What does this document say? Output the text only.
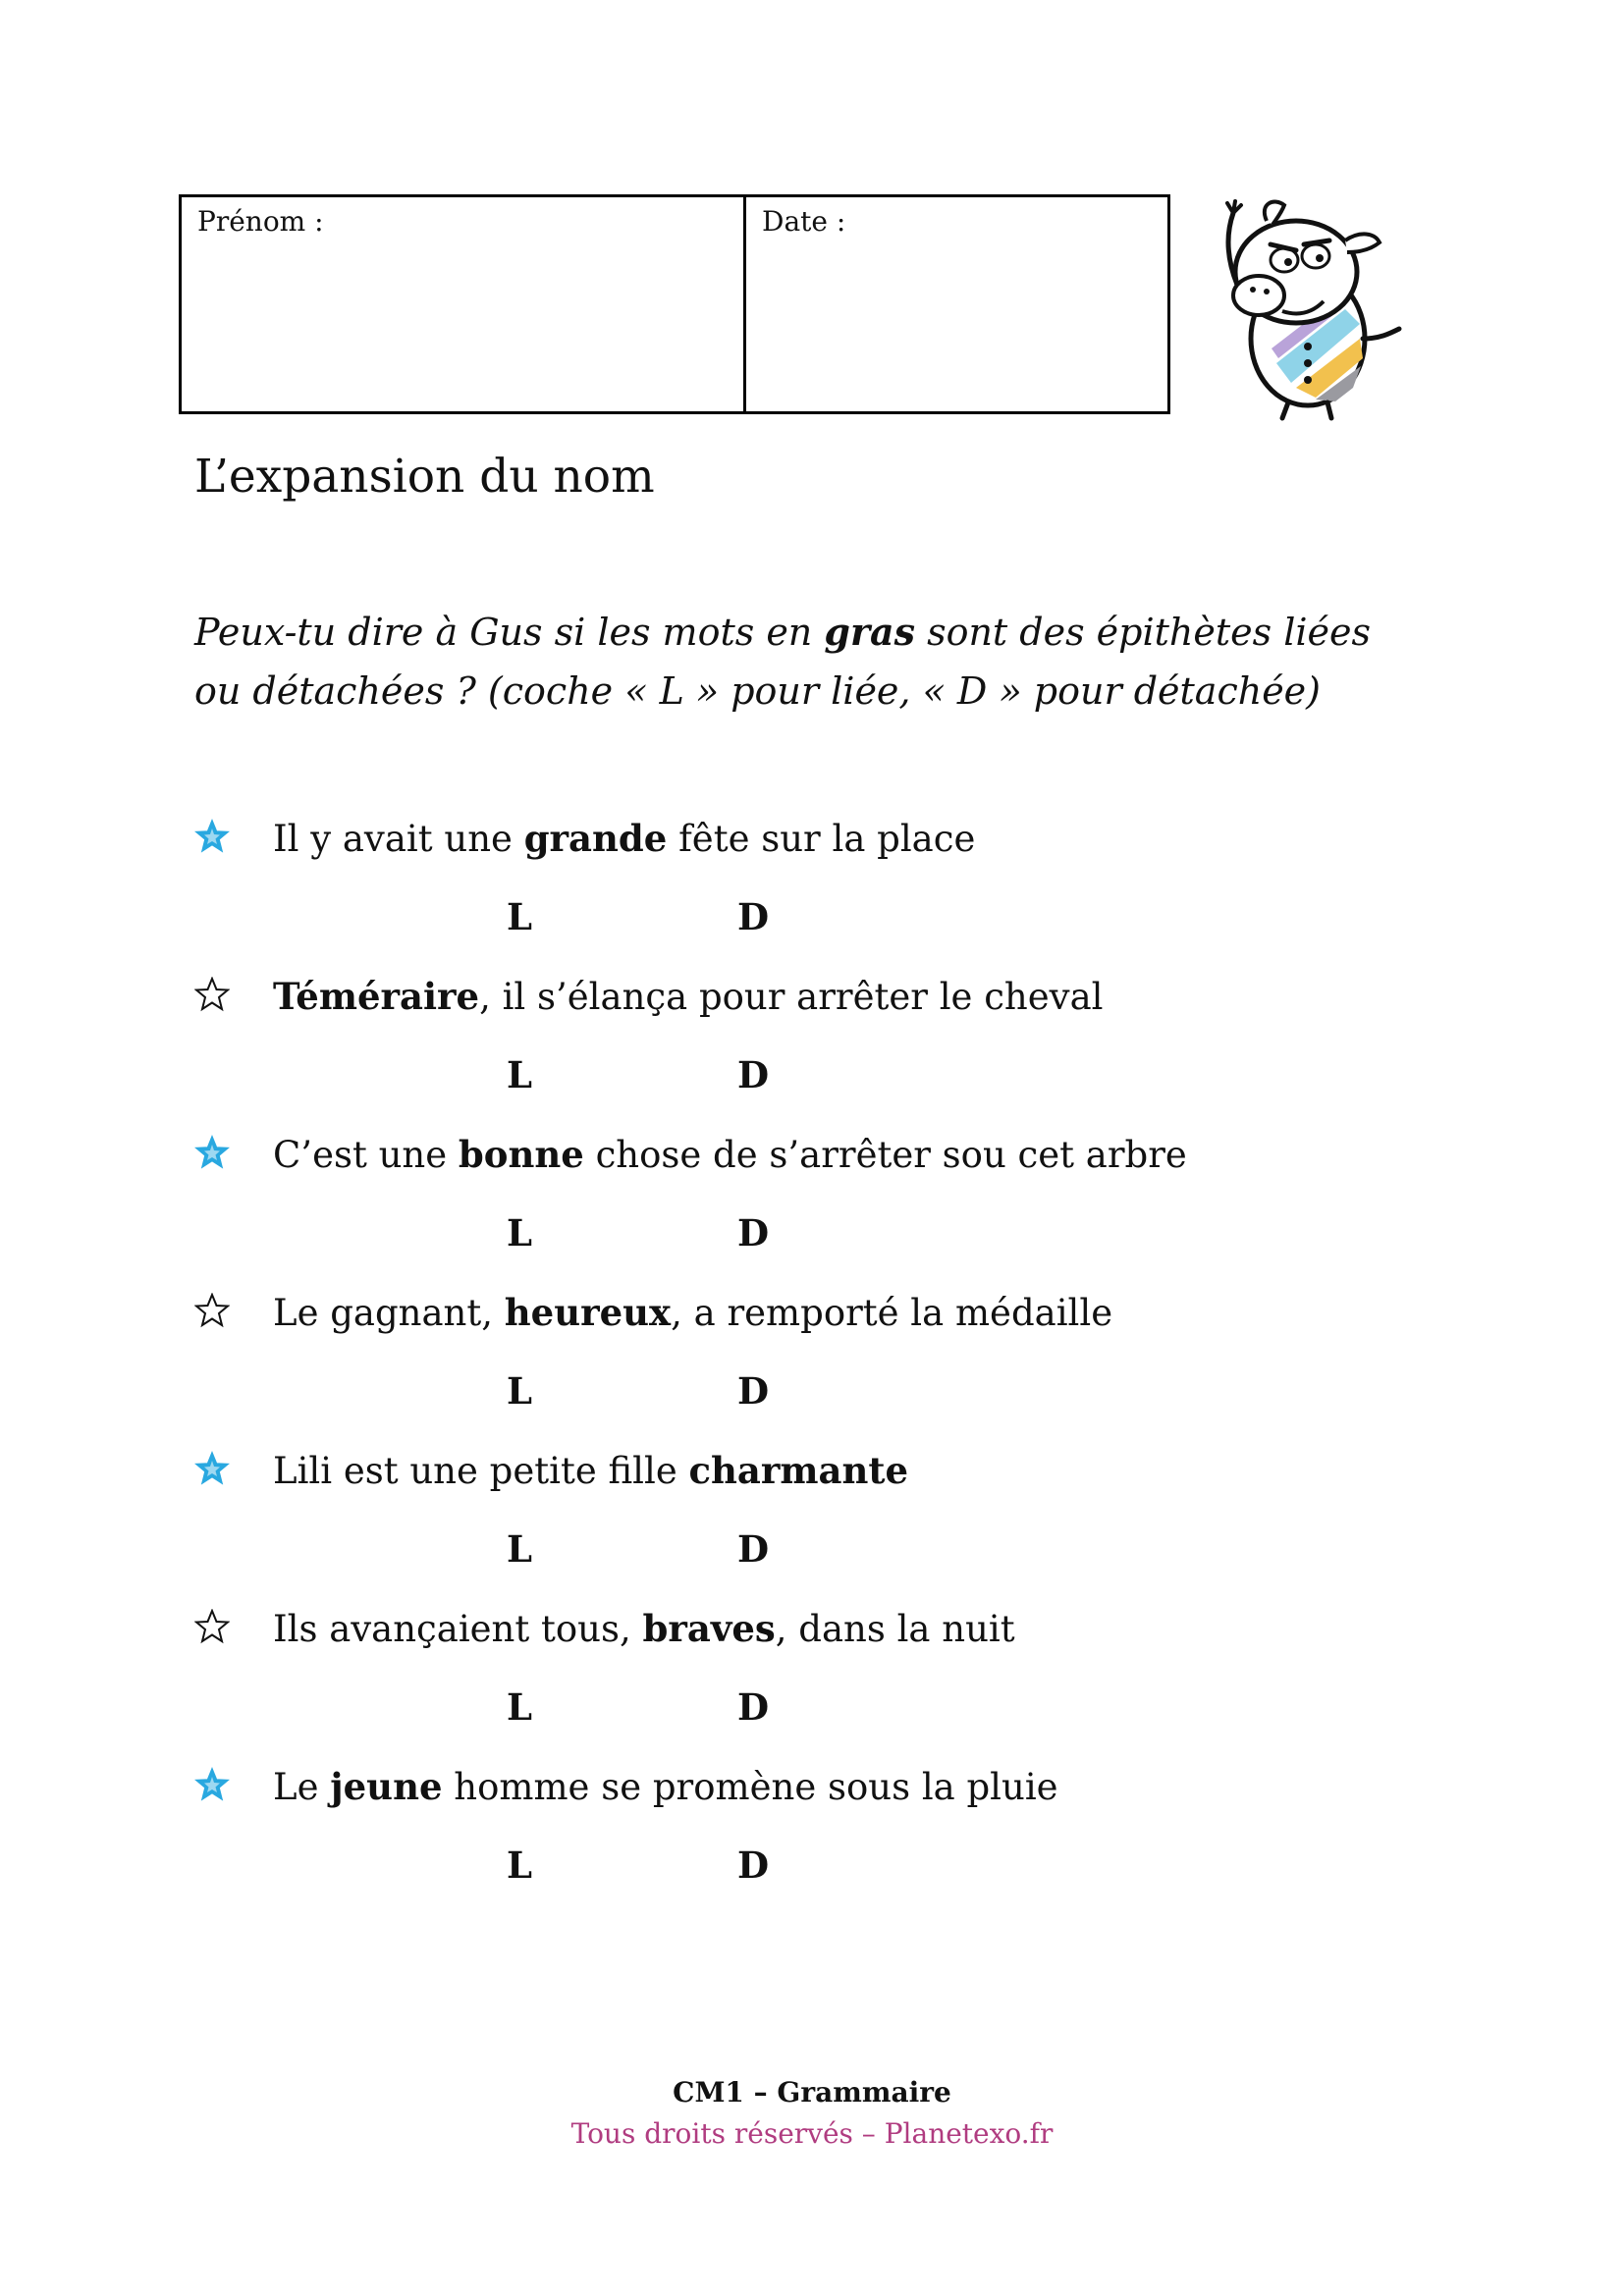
Prénom :	Date :
L’expansion du nom

Peux-tu dire à Gus si les mots en gras sont des épithètes liées ou détachées ? (coche « L » pour liée, « D » pour détachée)

Il y avait une grande fête sur la place
L	D
Téméraire, il s’élança pour arrêter le cheval
L	D
C’est une bonne chose de s’arrêter sou cet arbre
L	D
Le gagnant, heureux, a remporté la médaille
L	D
Lili est une petite fille charmante
L	D
Ils avançaient tous, braves, dans la nuit
L	D
Le jeune homme se promène sous la pluie
L	D
CM1 – Grammaire
Tous droits réservés – Planetexo.fr
